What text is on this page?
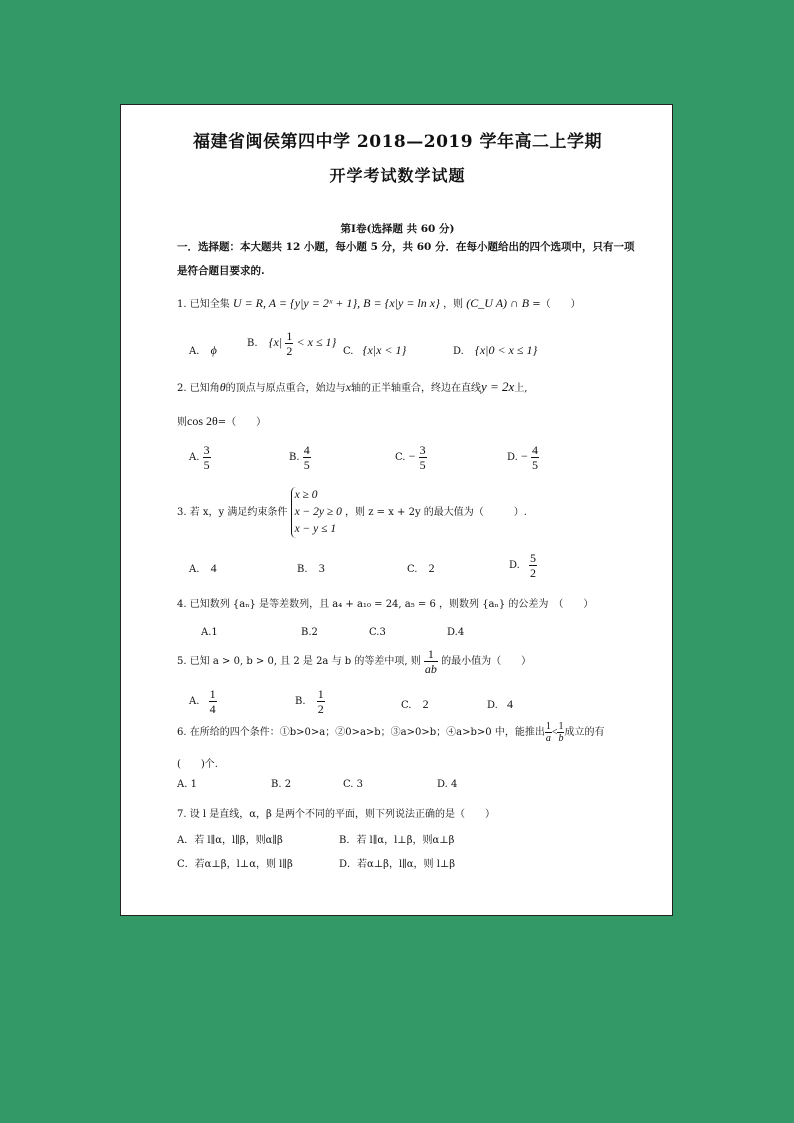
福建省闽侯第四中学 2018—2019 学年高二上学期
开学考试数学试题
第Ⅰ卷(选择题 共 60 分)
一．选择题：本大题共 12 小题，每小题 5 分，共 60 分．在每小题给出的四个选项中，只有一项是符合题目要求的.
1. 已知全集 U = R, A = {y|y = 2ˣ + 1}, B = {x|y = ln x} ，则 (C_U A) ∩ B =（　　）
A. ϕ	B. $\{x| \frac{1}{2} < x \le 1\}$
C. {x|x < 1}	D. {x|0 < x ≤ 1}
2. 已知角θ的顶点与原点重合，始边与x轴的正半轴重合，终边在直线y = 2x上,
则cos 2θ=（　　）
A. $\frac{3}{5}$	B. $\frac{4}{5}$	C. − $\frac{3}{5}$	D. − $\frac{4}{5}$
3. 若 x，y 满足约束条件
x ≥ 0
x − 2y ≥ 0
x − y ≤ 1
，则 z = x + 2y 的最大值为（　　　）.
A. 4	B. 3	C. 2	D. $\frac{5}{2}$
4. 已知数列 {aₙ} 是等差数列，且 a₄ + a₁₀ = 24, a₅ = 6 ，则数列 {aₙ} 的公差为　（　　）
A.1	B.2	C.3	D.4
5. 已知 a > 0, b > 0, 且 2 是 2a 与 b 的等差中项, 则 $\frac{1}{ab}$ 的最小值为（　　）
A. $\frac{1}{4}$	B. $\frac{1}{2}$	C. 2	D. 4
6. 在所给的四个条件：①b>0>a；②0>a>b；③a>0>b；④a>b>0 中，能推出 $\frac{1}{a} < \frac{1}{b}$ 成立的有
(　　)个.
A. 1	B. 2	C. 3	D. 4
7. 设 l 是直线，α，β 是两个不同的平面，则下列说法正确的是（　　）
A．若 l∥α，l∥β，则α∥β	B．若 l∥α，l⊥β，则α⊥β
C．若α⊥β，l⊥α，则 l∥β	D．若α⊥β，l∥α，则 l⊥β
